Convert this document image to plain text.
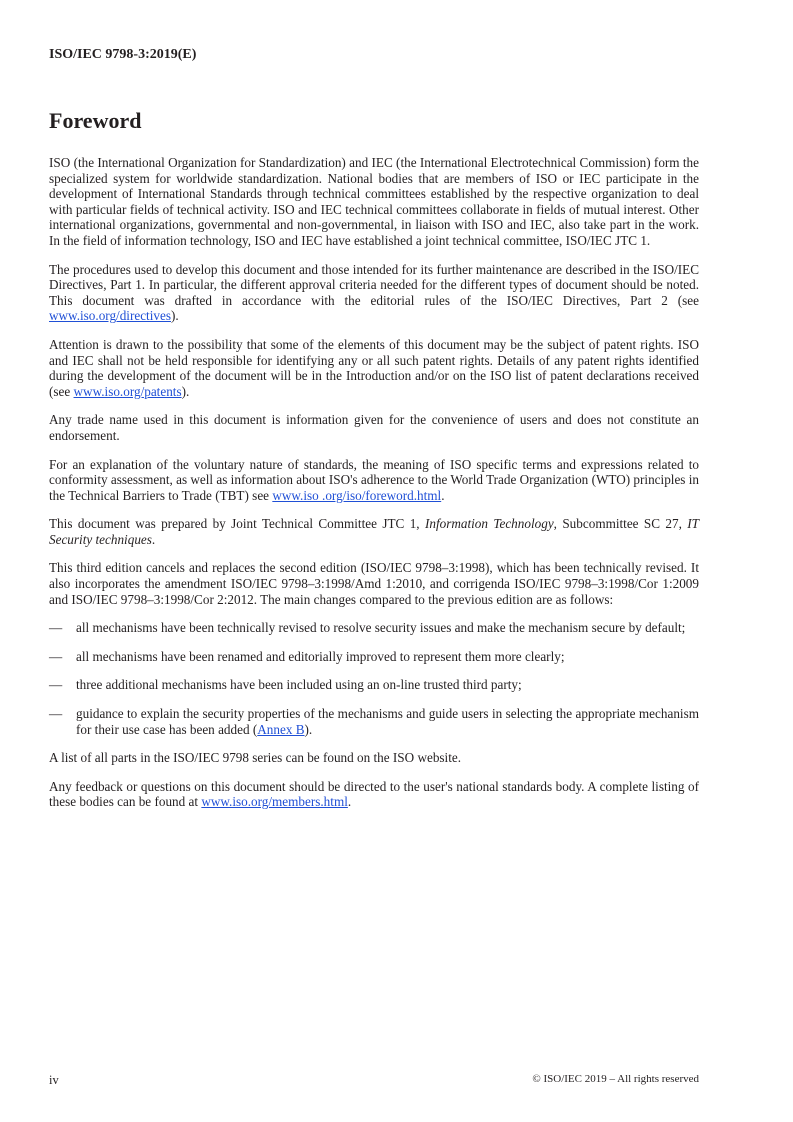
ISO/IEC 9798-3:2019(E)
Foreword

ISO (the International Organization for Standardization) and IEC (the International Electrotechnical Commission) form the specialized system for worldwide standardization. National bodies that are members of ISO or IEC participate in the development of International Standards through technical committees established by the respective organization to deal with particular fields of technical activity. ISO and IEC technical committees collaborate in fields of mutual interest. Other international organizations, governmental and non-governmental, in liaison with ISO and IEC, also take part in the work. In the field of information technology, ISO and IEC have established a joint technical committee, ISO/IEC JTC 1.

The procedures used to develop this document and those intended for its further maintenance are described in the ISO/IEC Directives, Part 1. In particular, the different approval criteria needed for the different types of document should be noted. This document was drafted in accordance with the editorial rules of the ISO/IEC Directives, Part 2 (see www.iso.org/directives).

Attention is drawn to the possibility that some of the elements of this document may be the subject of patent rights. ISO and IEC shall not be held responsible for identifying any or all such patent rights. Details of any patent rights identified during the development of the document will be in the Introduction and/or on the ISO list of patent declarations received (see www.iso.org/patents).

Any trade name used in this document is information given for the convenience of users and does not constitute an endorsement.

For an explanation of the voluntary nature of standards, the meaning of ISO specific terms and expressions related to conformity assessment, as well as information about ISO's adherence to the World Trade Organization (WTO) principles in the Technical Barriers to Trade (TBT) see www.iso .org/iso/foreword.html.

This document was prepared by Joint Technical Committee JTC 1, Information Technology, Subcommittee SC 27, IT Security techniques.

This third edition cancels and replaces the second edition (ISO/IEC 9798–3:1998), which has been technically revised. It also incorporates the amendment ISO/IEC 9798–3:1998/Amd 1:2010, and corrigenda ISO/IEC 9798–3:1998/Cor 1:2009 and ISO/IEC 9798–3:1998/Cor 2:2012. The main changes compared to the previous edition are as follows:

— all mechanisms have been technically revised to resolve security issues and make the mechanism secure by default;
— all mechanisms have been renamed and editorially improved to represent them more clearly;
— three additional mechanisms have been included using an on-line trusted third party;
— guidance to explain the security properties of the mechanisms and guide users in selecting the appropriate mechanism for their use case has been added (Annex B).

A list of all parts in the ISO/IEC 9798 series can be found on the ISO website.

Any feedback or questions on this document should be directed to the user's national standards body. A complete listing of these bodies can be found at www.iso.org/members.html.

iv	© ISO/IEC 2019 – All rights reserved
